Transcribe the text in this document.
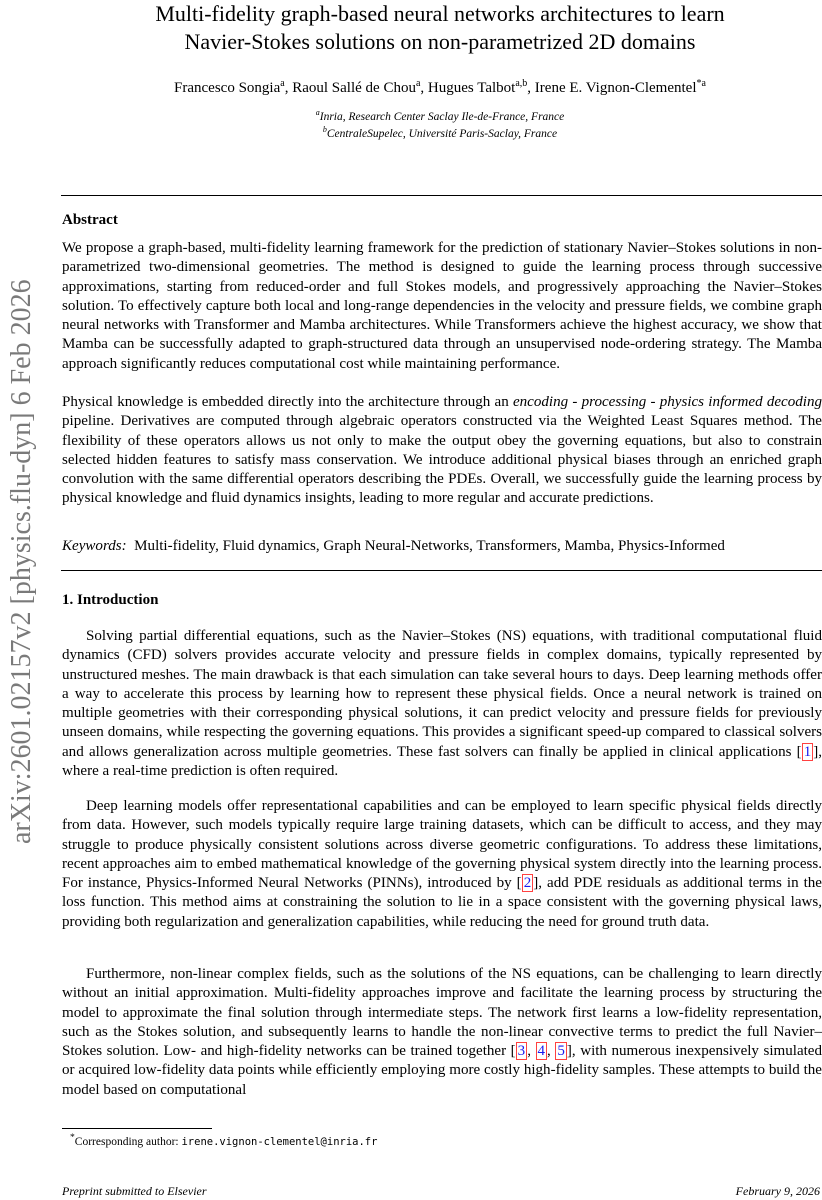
arXiv:2601.02157v2 [physics.flu-dyn] 6 Feb 2026
Multi-fidelity graph-based neural networks architectures to learn
Navier-Stokes solutions on non-parametrized 2D domains
Francesco Songia$^a$, Raoul Sallé de Chou$^a$, Hugues Talbot$^{a,b}$, Irene E. Vignon-Clementel$^{*a}$
$^a$Inria, Research Center Saclay Ile-de-France, France
$^b$CentraleSupelec, Université Paris-Saclay, France
Abstract
We propose a graph-based, multi-fidelity learning framework for the prediction of stationary Navier–Stokes solutions in non-parametrized two-dimensional geometries. The method is designed to guide the learning process through successive approximations, starting from reduced-order and full Stokes models, and progressively approaching the Navier–Stokes solution. To effectively capture both local and long-range dependencies in the velocity and pressure fields, we combine graph neural networks with Transformer and Mamba architectures. While Transformers achieve the highest accuracy, we show that Mamba can be successfully adapted to graph-structured data through an unsupervised node-ordering strategy. The Mamba approach significantly reduces computational cost while maintaining performance.
Physical knowledge is embedded directly into the architecture through an encoding - processing - physics informed decoding pipeline. Derivatives are computed through algebraic operators constructed via the Weighted Least Squares method. The flexibility of these operators allows us not only to make the output obey the governing equations, but also to constrain selected hidden features to satisfy mass conservation. We introduce additional physical biases through an enriched graph convolution with the same differential operators describing the PDEs. Overall, we successfully guide the learning process by physical knowledge and fluid dynamics insights, leading to more regular and accurate predictions.
Keywords: Multi-fidelity, Fluid dynamics, Graph Neural-Networks, Transformers, Mamba, Physics-Informed
1. Introduction
Solving partial differential equations, such as the Navier–Stokes (NS) equations, with traditional computational fluid dynamics (CFD) solvers provides accurate velocity and pressure fields in complex domains, typically represented by unstructured meshes. The main drawback is that each simulation can take several hours to days. Deep learning methods offer a way to accelerate this process by learning how to represent these physical fields. Once a neural network is trained on multiple geometries with their corresponding physical solutions, it can predict velocity and pressure fields for previously unseen domains, while respecting the governing equations. This provides a significant speed-up compared to classical solvers and allows generalization across multiple geometries. These fast solvers can finally be applied in clinical applications [ 1 ], where a real-time prediction is often required.
Deep learning models offer representational capabilities and can be employed to learn specific physical fields directly from data. However, such models typically require large training datasets, which can be difficult to access, and they may struggle to produce physically consistent solutions across diverse geometric configurations. To address these limitations, recent approaches aim to embed mathematical knowledge of the governing physical system directly into the learning process. For instance, Physics-Informed Neural Networks (PINNs), introduced by [ 2 ], add PDE residuals as additional terms in the loss function. This method aims at constraining the solution to lie in a space consistent with the governing physical laws, providing both regularization and generalization capabilities, while reducing the need for ground truth data.
Furthermore, non-linear complex fields, such as the solutions of the NS equations, can be challenging to learn directly without an initial approximation. Multi-fidelity approaches improve and facilitate the learning process by structuring the model to approximate the final solution through intermediate steps. The network first learns a low-fidelity representation, such as the Stokes solution, and subsequently learns to handle the non-linear convective terms to predict the full Navier–Stokes solution. Low- and high-fidelity networks can be trained together [ 3 , 4 , 5 ], with numerous inexpensively simulated or acquired low-fidelity data points while efficiently employing more costly high-fidelity samples. These attempts to build the model based on computational
*Corresponding author: irene.vignon-clementel@inria.fr
Preprint submitted to Elsevier	February 9, 2026
